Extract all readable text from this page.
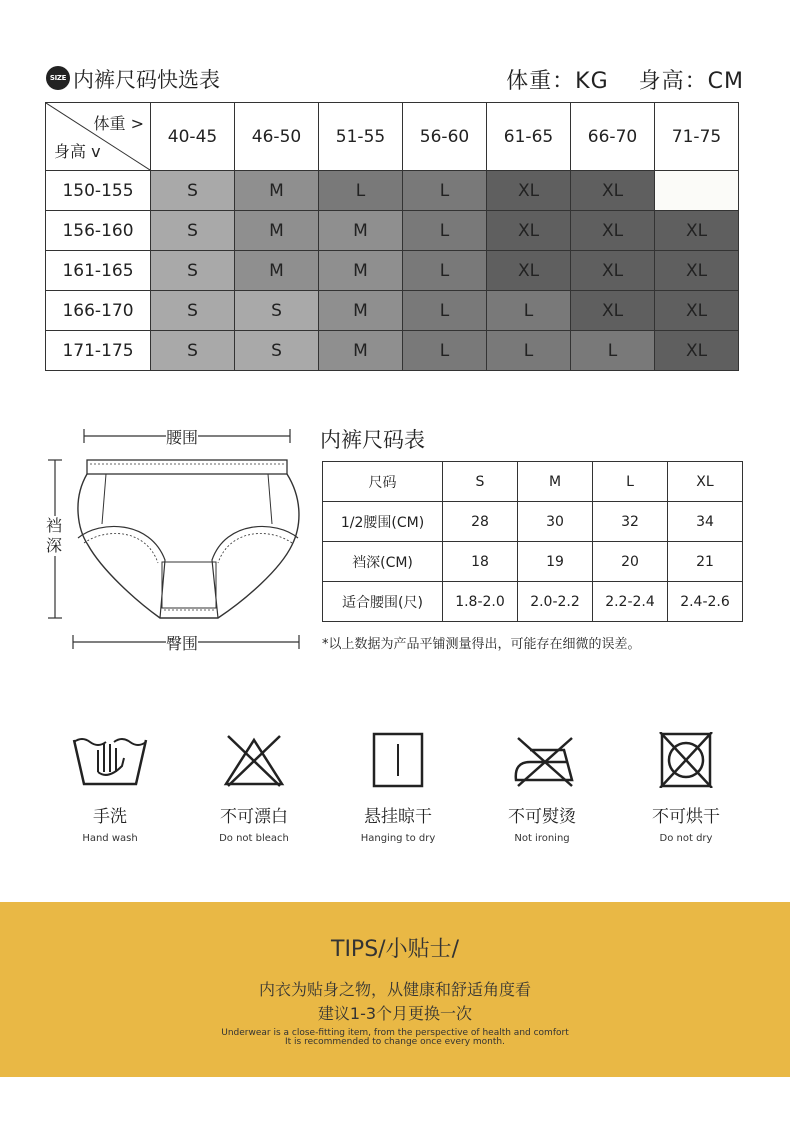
SIZE 内裤尺码快选表	体重：KG 身高：CM
体重 >
身高 v	40-45	46-50	51-55	56-60	61-65	66-70	71-75
150-155	S	M	L	L	XL	XL	
156-160	S	M	M	L	XL	XL	XL
161-165	S	M	M	L	XL	XL	XL
166-170	S	S	M	L	L	XL	XL
171-175	S	S	M	L	L	L	XL
腰围
裆深
臀围
内裤尺码表
尺码	S	M	L	XL
1/2腰围(CM)	28	30	32	34
裆深(CM)	18	19	20	21
适合腰围(尺)	1.8-2.0	2.0-2.2	2.2-2.4	2.4-2.6
*以上数据为产品平铺测量得出，可能存在细微的误差。
手洗
Hand wash
不可漂白
Do not bleach
悬挂晾干
Hanging to dry
不可熨烫
Not ironing
不可烘干
Do not dry
TIPS/小贴士/
内衣为贴身之物，从健康和舒适角度看
建议1-3个月更换一次
Underwear is a close-fitting item, from the perspective of health and comfort
It is recommended to change once every month.
